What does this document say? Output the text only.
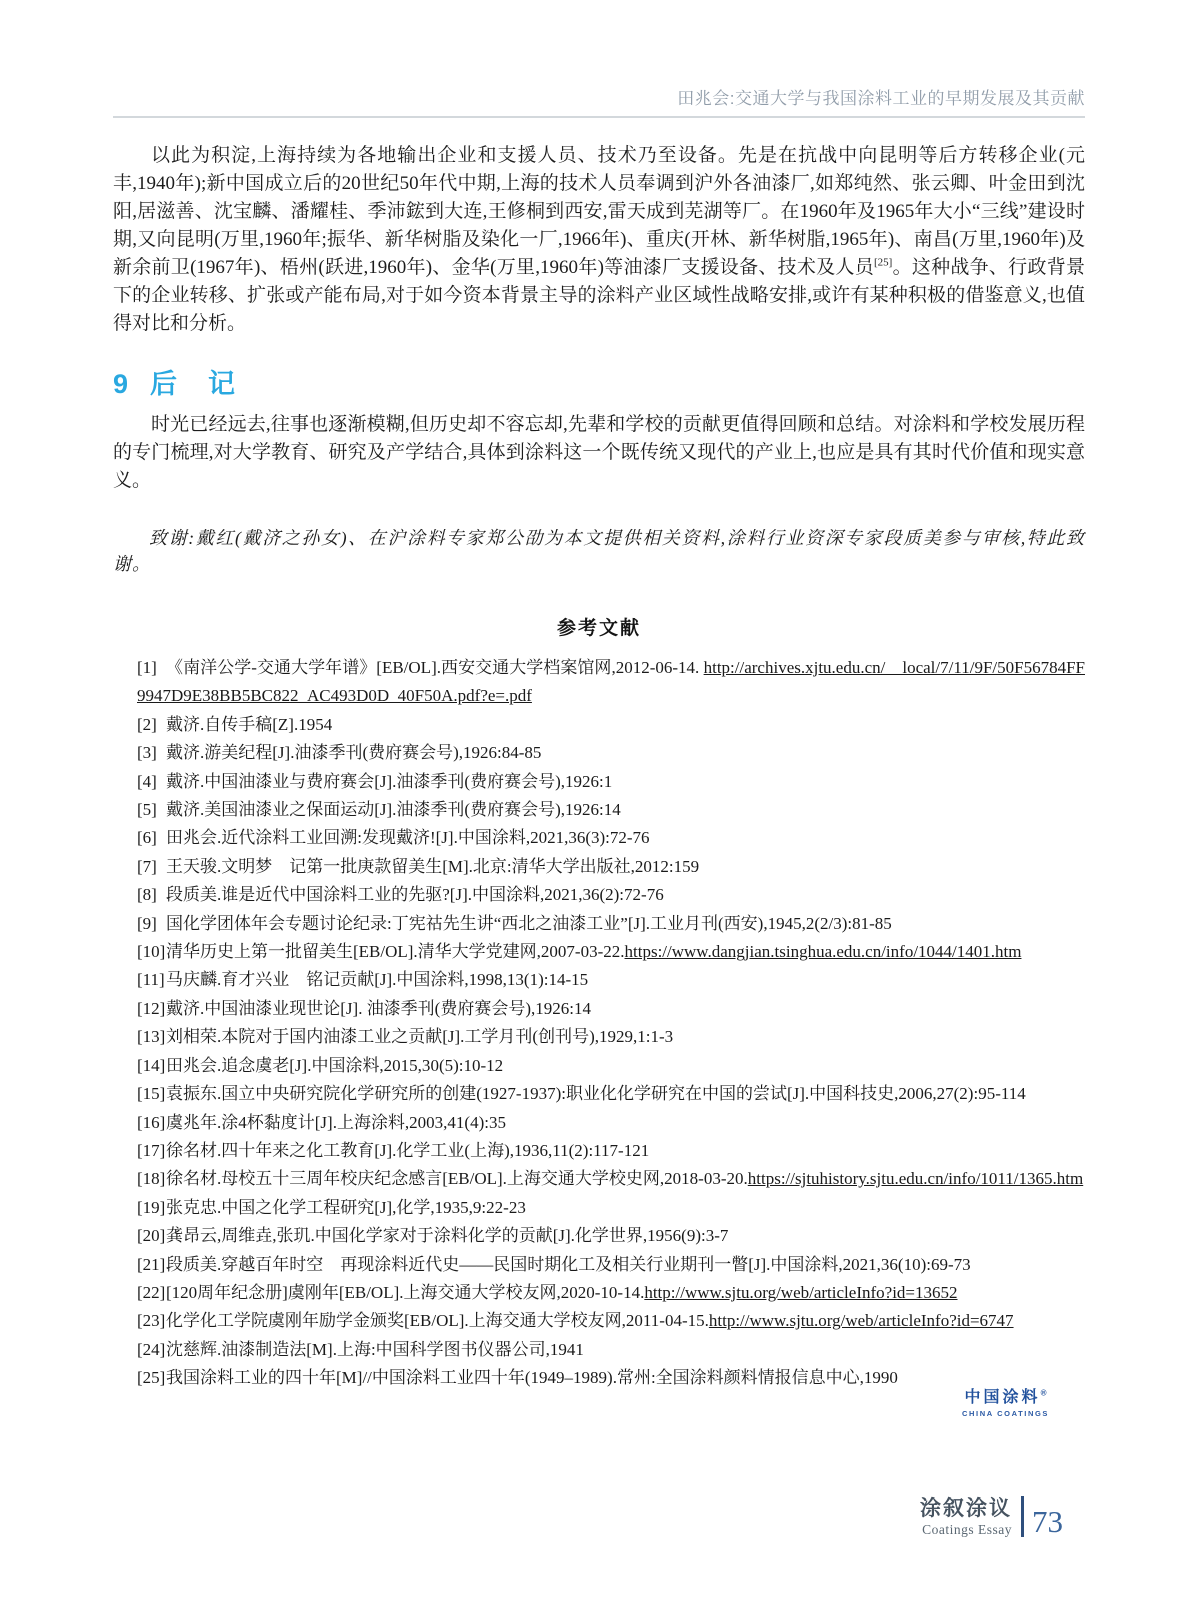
田兆会:交通大学与我国涂料工业的早期发展及其贡献

以此为积淀,上海持续为各地输出企业和支援人员、技术乃至设备。先是在抗战中向昆明等后方转移企业(元丰,1940年);新中国成立后的20世纪50年代中期,上海的技术人员奉调到沪外各油漆厂,如郑纯然、张云卿、叶金田到沈阳,居滋善、沈宝麟、潘耀桂、季沛鋐到大连,王修桐到西安,雷天成到芜湖等厂。在1960年及1965年大小“三线”建设时期,又向昆明(万里,1960年;振华、新华树脂及染化一厂,1966年)、重庆(开林、新华树脂,1965年)、南昌(万里,1960年)及新余前卫(1967年)、梧州(跃进,1960年)、金华(万里,1960年)等油漆厂支援设备、技术及人员[25]。这种战争、行政背景下的企业转移、扩张或产能布局,对于如今资本背景主导的涂料产业区域性战略安排,或许有某种积极的借鉴意义,也值得对比和分析。

9 后　记

时光已经远去,往事也逐渐模糊,但历史却不容忘却,先辈和学校的贡献更值得回顾和总结。对涂料和学校发展历程的专门梳理,对大学教育、研究及产学结合,具体到涂料这一个既传统又现代的产业上,也应是具有其时代价值和现实意义。

致谢:戴红(戴济之孙女)、在沪涂料专家郑公劭为本文提供相关资料,涂料行业资深专家段质美参与审核,特此致谢。

参考文献
[1] 《南洋公学-交通大学年谱》[EB/OL].西安交通大学档案馆网,2012-06-14. http://archives.xjtu.edu.cn/__local/7/11/9F/50F56784FF9947D9E38BB5BC822_AC493D0D_40F50A.pdf?e=.pdf
[2] 戴济.自传手稿[Z].1954
[3] 戴济.游美纪程[J].油漆季刊(费府赛会号),1926:84-85
[4] 戴济.中国油漆业与费府赛会[J].油漆季刊(费府赛会号),1926:1
[5] 戴济.美国油漆业之保面运动[J].油漆季刊(费府赛会号),1926:14
[6] 田兆会.近代涂料工业回溯:发现戴济![J].中国涂料,2021,36(3):72-76
[7] 王天骏.文明梦　记第一批庚款留美生[M].北京:清华大学出版社,2012:159
[8] 段质美.谁是近代中国涂料工业的先驱?[J].中国涂料,2021,36(2):72-76
[9] 国化学团体年会专题讨论纪录:丁宪祜先生讲“西北之油漆工业”[J].工业月刊(西安),1945,2(2/3):81-85
[10]清华历史上第一批留美生[EB/OL].清华大学党建网,2007-03-22.https://www.dangjian.tsinghua.edu.cn/info/1044/1401.htm
[11]马庆麟.育才兴业　铭记贡献[J].中国涂料,1998,13(1):14-15
[12]戴济.中国油漆业现世论[J]. 油漆季刊(费府赛会号),1926:14
[13]刘相荣.本院对于国内油漆工业之贡献[J].工学月刊(创刊号),1929,1:1-3
[14]田兆会.追念虞老[J].中国涂料,2015,30(5):10-12
[15]袁振东.国立中央研究院化学研究所的创建(1927-1937):职业化化学研究在中国的尝试[J].中国科技史,2006,27(2):95-114
[16]虞兆年.涂4杯黏度计[J].上海涂料,2003,41(4):35
[17]徐名材.四十年来之化工教育[J].化学工业(上海),1936,11(2):117-121
[18]徐名材.母校五十三周年校庆纪念感言[EB/OL].上海交通大学校史网,2018-03-20.https://sjtuhistory.sjtu.edu.cn/info/1011/1365.htm
[19]张克忠.中国之化学工程研究[J],化学,1935,9:22-23
[20]龚昂云,周维垚,张玑.中国化学家对于涂料化学的贡献[J].化学世界,1956(9):3-7
[21]段质美.穿越百年时空　再现涂料近代史——民国时期化工及相关行业期刊一瞥[J].中国涂料,2021,36(10):69-73
[22][120周年纪念册]虞刚年[EB/OL].上海交通大学校友网,2020-10-14.http://www.sjtu.org/web/articleInfo?id=13652
[23]化学化工学院虞刚年励学金颁奖[EB/OL].上海交通大学校友网,2011-04-15.http://www.sjtu.org/web/articleInfo?id=6747
[24]沈慈辉.油漆制造法[M].上海:中国科学图书仪器公司,1941
[25]我国涂料工业的四十年[M]//中国涂料工业四十年(1949–1989).常州:全国涂料颜料情报信息中心,1990
中国涂料®
CHINA COATINGS
涂叙涂议
Coatings Essay 73
